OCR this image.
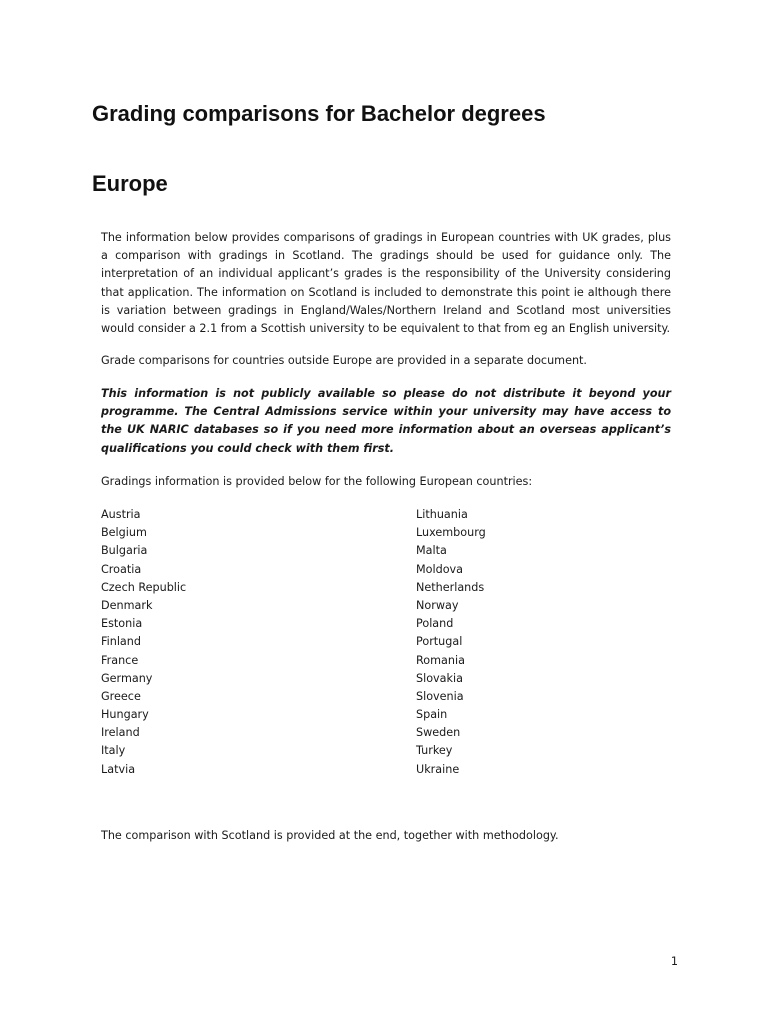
Grading comparisons for Bachelor degrees
Europe

The information below provides comparisons of gradings in European countries with UK grades, plus a comparison with gradings in Scotland. The gradings should be used for guidance only. The interpretation of an individual applicant’s grades is the responsibility of the University considering that application. The information on Scotland is included to demonstrate this point ie although there is variation between gradings in England/Wales/Northern Ireland and Scotland most universities would consider a 2.1 from a Scottish university to be equivalent to that from eg an English university.

Grade comparisons for countries outside Europe are provided in a separate document.

This information is not publicly available so please do not distribute it beyond your programme. The Central Admissions service within your university may have access to the UK NARIC databases so if you need more information about an overseas applicant’s qualifications you could check with them first.

Gradings information is provided below for the following European countries:

Austria
Belgium
Bulgaria
Croatia
Czech Republic
Denmark
Estonia
Finland
France
Germany
Greece
Hungary
Ireland
Italy
Latvia
Lithuania
Luxembourg
Malta
Moldova
Netherlands
Norway
Poland
Portugal
Romania
Slovakia
Slovenia
Spain
Sweden
Turkey
Ukraine

The comparison with Scotland is provided at the end, together with methodology.

1
